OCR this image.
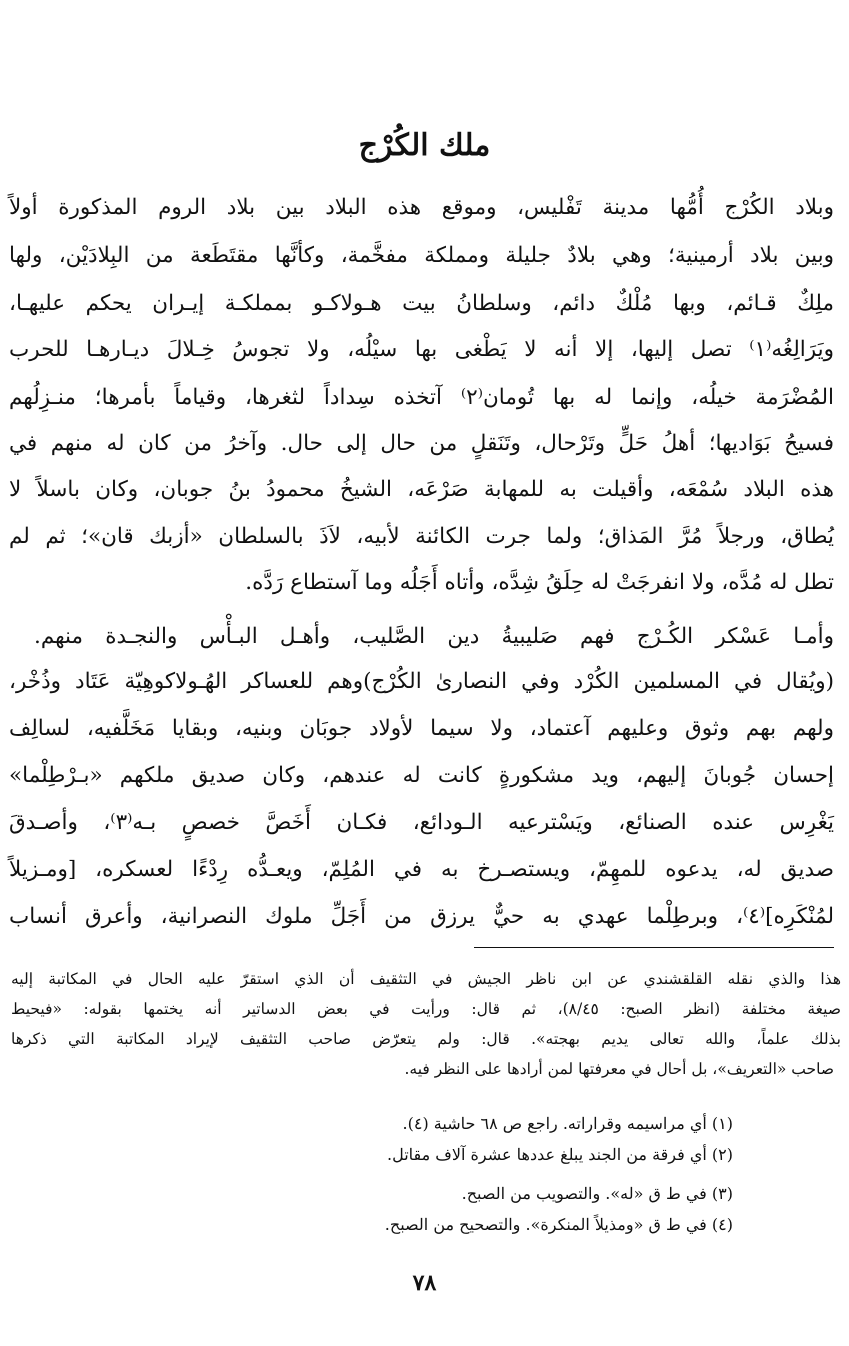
ملك الكُرْج
وبلاد الكُرْج أُمُّها مدينة تَفْليس، وموقع هذه البلاد بين بلاد الروم المذكورة أولاً
وبين بلاد أرمينية؛ وهي بلادٌ جليلة ومملكة مفخَّمة، وكأنَّها مقتَطَعة من البِلادَيْن، ولها
ملِكٌ قـائم، وبها مُلْكٌ دائم، وسلطانُ بيت هـولاكـو بمملكـة إيـران يحكم عليهـا،
ويَرَالِغُه⁽١⁾ تصل إليها، إلا أنه لا يَطْغى بها سيْلُه، ولا تجوسُ خِـلالَ ديـارهـا للحرب
المُضْرَمة خيلُه، وإنما له بها تُومان⁽٢⁾ آتخذه سِداداً لثغرها، وقياماً بأمرها؛ منـزِلُهم
فسيحُ بَوَاديها؛ أهلُ حَلٍّ وتَرْحال، وتَنَقلٍ من حال إلى حال. وآخرُ من كان له منهم في
هذه البلاد سُمْعَه، وأقيلت به للمهابة صَرْعَه، الشيخُ محمودُ بنُ جوبان، وكان باسلاً لا
يُطاق، ورجلاً مُرَّ المَذاق؛ ولما جرت الكائنة لأبيه، لاَذَ بالسلطان «أزبك قان»؛ ثم لم
تطل له مُدَّه، ولا انفرجَتْ له حِلَقُ شِدَّه، وأتاه أَجَلُه وما آستطاع رَدَّه.
وأمـا عَسْكر الكُـرْج فهم صَليبيةُ دين الصَّليب، وأهـل البـأْس والنجـدة منهم.
(ويُقال في المسلمين الكُرْد وفي النصارىٰ الكُرْج)وهم للعساكر الهُـولاكوهِيّة عَتَاد وذُخْر،
ولهم بهم وثوق وعليهم آعتماد، ولا سيما لأولاد جوبَان وبنيه، وبقايا مَخَلَّفيه، لسالِف
إحسان جُوبانَ إليهم، ويد مشكورةٍ كانت له عندهم، وكان صديق ملكهم «بـرْطِلْما»
يَغْرِس عنده الصنائع، ويَسْترعيه الـودائع، فكـان أَخَصَّ خصصٍ بـه⁽٣⁾، وأصـدقَ
صديق له، يدعوه للمهِمّ، ويستصـرخ به في المُلِمّ، ويعـدُّه رِدْءًا لعسكره، [ومـزيلاً
لمُنْكَرِه]⁽٤⁾، وبرطِلْما عهدي به حيٌّ يرزق من أَجَلِّ ملوك النصرانية، وأعرق أنساب
هذا والذي نقله القلقشندي عن ابن ناظر الجيش في التثقيف أن الذي استقرّ عليه الحال في المكاتبة إليه
صيغة مختلفة (انظر الصبح: ٨/٤٥)، ثم قال: ورأيت في بعض الدساتير أنه يختمها بقوله: «فيحيط
بذلك علماً، والله تعالى يديم بهجته». قال: ولم يتعرّض صاحب التثقيف لإيراد المكاتبة التي ذكرها
صاحب «التعريف»، بل أحال في معرفتها لمن أرادها على النظر فيه.
(١) أي مراسيمه وقراراته. راجع ص ٦٨ حاشية (٤).
(٢) أي فرقة من الجند يبلغ عددها عشرة آلاف مقاتل.
(٣) في ط ق «له». والتصويب من الصبح.
(٤) في ط ق «ومذيلاً المنكرة». والتصحيح من الصبح.
٧٨
